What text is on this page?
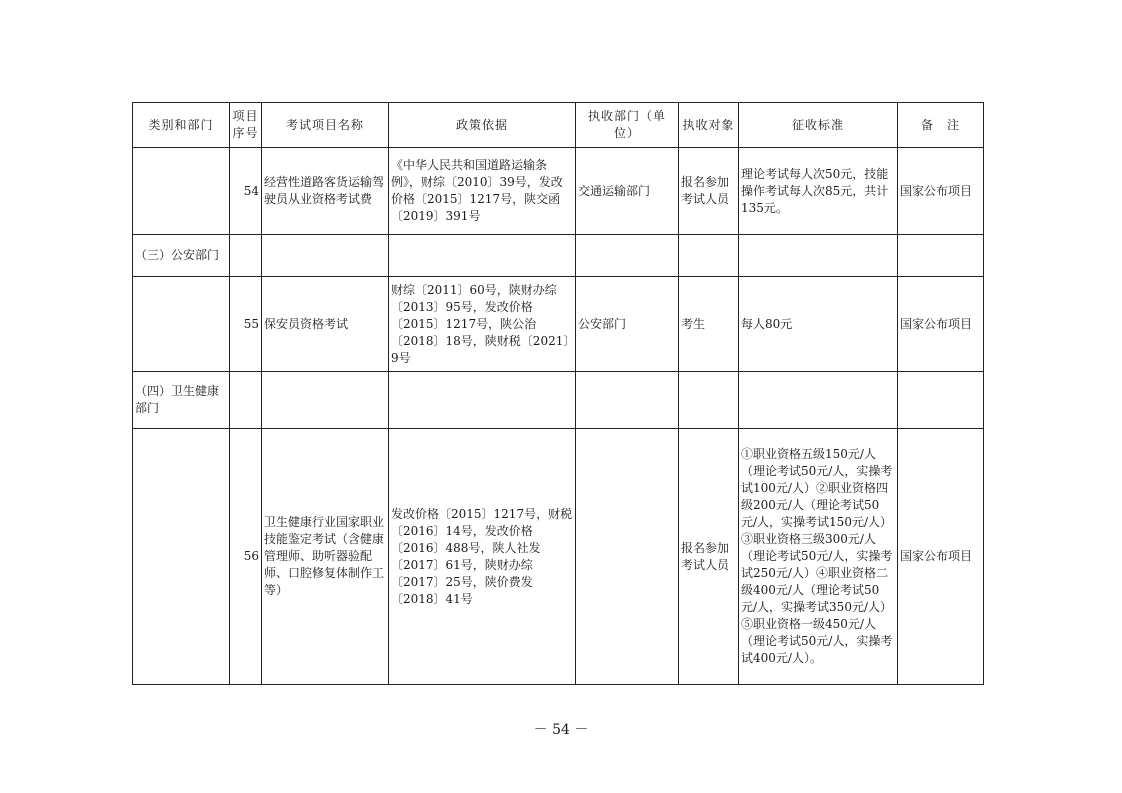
类别和部门	项目序号	考试项目名称	政策依据	执收部门（单位）	执收对象	征收标准	备　注
	54	经营性道路客货运输驾驶员从业资格考试费	《中华人民共和国道路运输条例》，财综〔2010〕39号，发改价格〔2015〕1217号，陕交函〔2019〕391号	交通运输部门	报名参加考试人员	理论考试每人次50元，技能操作考试每人次85元，共计135元。	国家公布项目
（三）公安部门							
	55	保安员资格考试	财综〔2011〕60号，陕财办综〔2013〕95号，发改价格〔2015〕1217号，陕公治〔2018〕18号，陕财税〔2021〕9号	公安部门	考生	每人80元	国家公布项目
（四）卫生健康部门							
	56	卫生健康行业国家职业技能鉴定考试（含健康管理师、助听器验配师、口腔修复体制作工等）	发改价格〔2015〕1217号，财税〔2016〕14号，发改价格〔2016〕488号，陕人社发〔2017〕61号，陕财办综〔2017〕25号，陕价费发〔2018〕41号		报名参加考试人员	①职业资格五级150元/人（理论考试50元/人，实操考试100元/人）②职业资格四级200元/人（理论考试50元/人，实操考试150元/人）③职业资格三级300元/人（理论考试50元/人，实操考试250元/人）④职业资格二级400元/人（理论考试50元/人，实操考试350元/人）⑤职业资格一级450元/人（理论考试50元/人，实操考试400元/人）。	国家公布项目
－ 54 －
